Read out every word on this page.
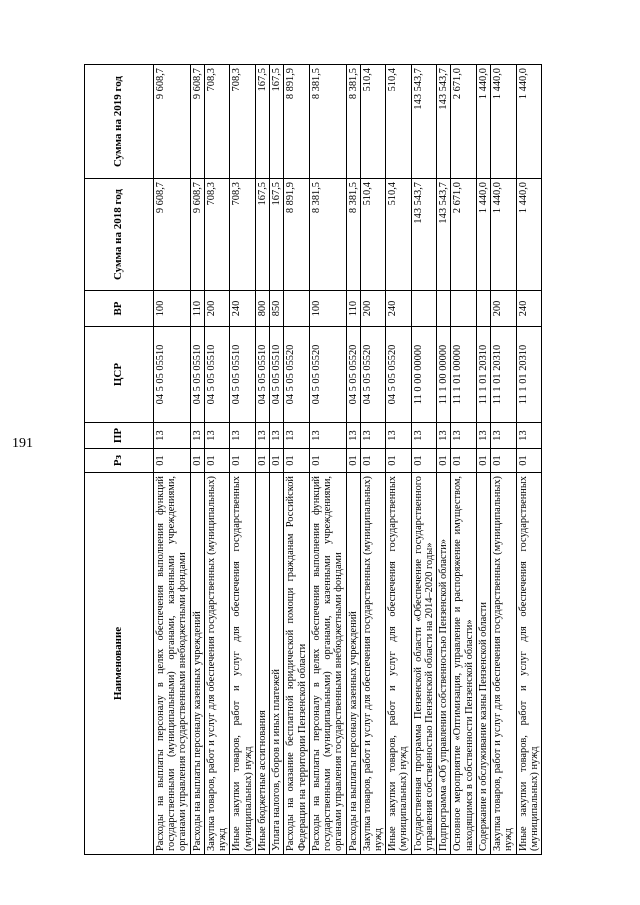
191
Наименование	Рз	ПР	ЦСР	ВР	Сумма на 2018 год	Сумма на 2019 год
Расходы на выплаты персоналу в целях обеспечения выполнения функций государственными (муниципальными) органами, казенными учреждениями, органами управления государственными внебюджетными фондами	01	13	04 5 05 05510	100	9 608,7	9 608,7
Расходы на выплаты персоналу казенных учреждений	01	13	04 5 05 05510	110	9 608,7	9 608,7
Закупка товаров, работ и услуг для обеспечения государственных (муниципальных) нужд	01	13	04 5 05 05510	200	708,3	708,3
Иные закупки товаров, работ и услуг для обеспечения государственных (муниципальных) нужд	01	13	04 5 05 05510	240	708,3	708,3
Иные бюджетные ассигнования	01	13	04 5 05 05510	800	167,5	167,5
Уплата налогов, сборов и иных платежей	01	13	04 5 05 05510	850	167,5	167,5
Расходы на оказание бесплатной юридической помощи гражданам Российской Федерации на территории Пензенской области	01	13	04 5 05 05520		8 891,9	8 891,9
Расходы на выплаты персоналу в целях обеспечения выполнения функций государственными (муниципальными) органами, казенными учреждениями, органами управления государственными внебюджетными фондами	01	13	04 5 05 05520	100	8 381,5	8 381,5
Расходы на выплаты персоналу казенных учреждений	01	13	04 5 05 05520	110	8 381,5	8 381,5
Закупка товаров, работ и услуг для обеспечения государственных (муниципальных) нужд	01	13	04 5 05 05520	200	510,4	510,4
Иные закупки товаров, работ и услуг для обеспечения государственных (муниципальных) нужд	01	13	04 5 05 05520	240	510,4	510,4
Государственная программа Пензенской области «Обеспечение государственного управления собственностью Пензенской области на 2014–2020 годы»	01	13	11 0 00 00000		143 543,7	143 543,7
Подпрограмма «Об управлении собственностью Пензенской области»	01	13	11 1 00 00000		143 543,7	143 543,7
Основное мероприятие «Оптимизация, управление и распоряжение имуществом, находящимся в собственности Пензенской области»	01	13	11 1 01 00000		2 671,0	2 671,0
Содержание и обслуживание казны Пензенской области	01	13	11 1 01 20310		1 440,0	1 440,0
Закупка товаров, работ и услуг для обеспечения государственных (муниципальных) нужд	01	13	11 1 01 20310	200	1 440,0	1 440,0
Иные закупки товаров, работ и услуг для обеспечения государственных (муниципальных) нужд	01	13	11 1 01 20310	240	1 440,0	1 440,0
